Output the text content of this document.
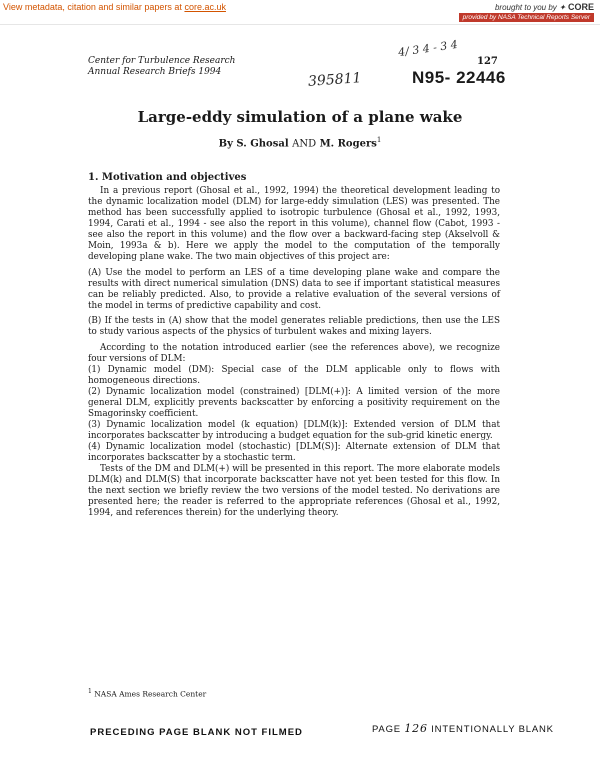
View metadata, citation and similar papers at core.ac.uk	brought to you by ✦ CORE
provided by NASA Technical Reports Server
Center for Turbulence Research
Annual Research Briefs 1994
4/ 3 4 - 3 4
127
N95- 22446
395811
Large-eddy simulation of a plane wake
By S. Ghosal AND M. Rogers$^1$
1. Motivation and objectives

In a previous report (Ghosal et al., 1992, 1994) the theoretical development leading to the dynamic localization model (DLM) for large-eddy simulation (LES) was presented. The method has been successfully applied to isotropic turbulence (Ghosal et al., 1992, 1993, 1994, Carati et al., 1994 - see also the report in this volume), channel flow (Cabot, 1993 - see also the report in this volume) and the flow over a backward-facing step (Akselvoll & Moin, 1993a & b). Here we apply the model to the computation of the temporally developing plane wake. The two main objectives of this project are:

(A) Use the model to perform an LES of a time developing plane wake and compare the results with direct numerical simulation (DNS) data to see if important statistical measures can be reliably predicted. Also, to provide a relative evaluation of the several versions of the model in terms of predictive capability and cost.

(B) If the tests in (A) show that the model generates reliable predictions, then use the LES to study various aspects of the physics of turbulent wakes and mixing layers.

According to the notation introduced earlier (see the references above), we recognize four versions of DLM:

(1) Dynamic model (DM): Special case of the DLM applicable only to flows with homogeneous directions.

(2) Dynamic localization model (constrained) [DLM(+)]: A limited version of the more general DLM, explicitly prevents backscatter by enforcing a positivity requirement on the Smagorinsky coefficient.

(3) Dynamic localization model (k equation) [DLM(k)]: Extended version of DLM that incorporates backscatter by introducing a budget equation for the sub-grid kinetic energy.

(4) Dynamic localization model (stochastic) [DLM(S)]: Alternate extension of DLM that incorporates backscatter by a stochastic term.

Tests of the DM and DLM(+) will be presented in this report. The more elaborate models DLM(k) and DLM(S) that incorporate backscatter have not yet been tested for this flow. In the next section we briefly review the two versions of the model tested. No derivations are presented here; the reader is referred to the appropriate references (Ghosal et al., 1992, 1994, and references therein) for the underlying theory.

$^1$ NASA Ames Research Center
PRECEDING PAGE BLANK NOT FILMED	PAGE 126 INTENTIONALLY BLANK
